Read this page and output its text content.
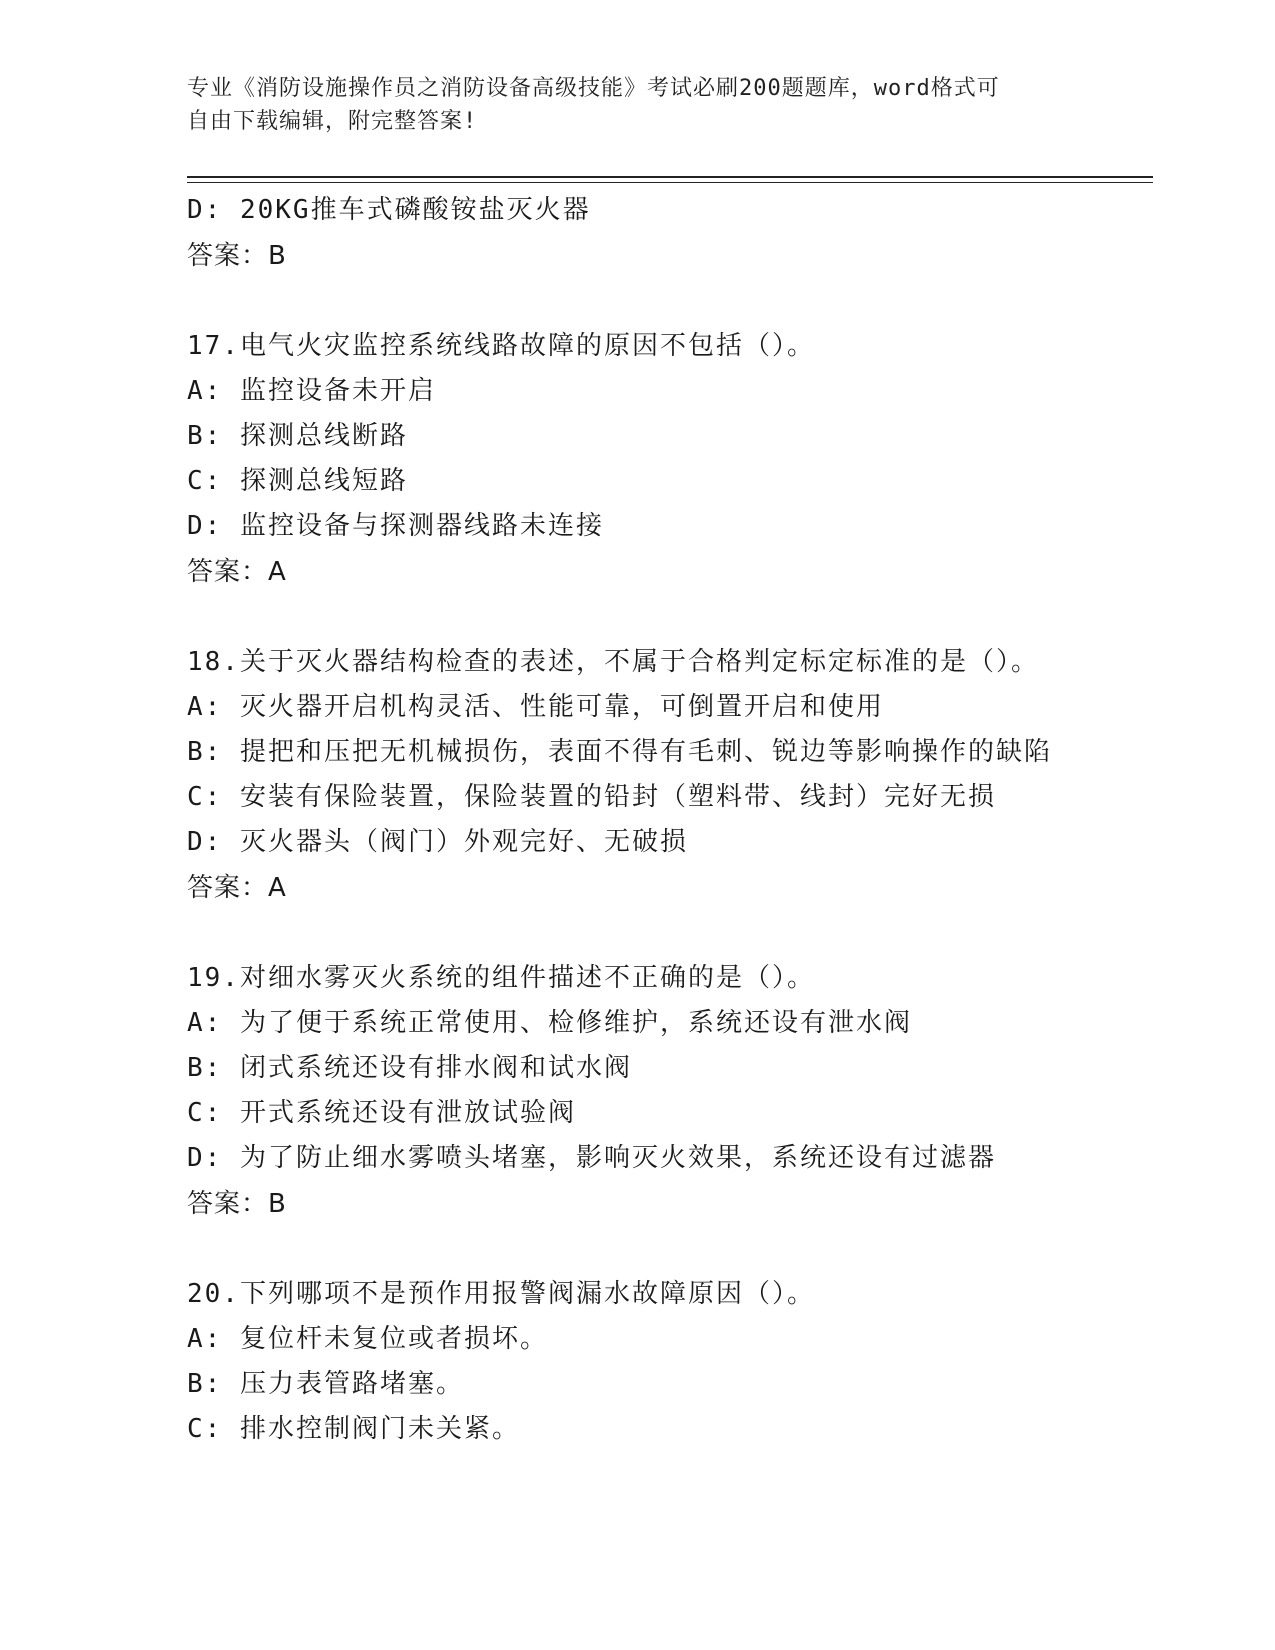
专业《消防设施操作员之消防设备高级技能》考试必刷200题题库，word格式可
自由下载编辑，附完整答案!
D: 20KG推车式磷酸铵盐灭火器
答案：B
17.电气火灾监控系统线路故障的原因不包括（）。
A: 监控设备未开启
B: 探测总线断路
C: 探测总线短路
D: 监控设备与探测器线路未连接
答案：A
18.关于灭火器结构检查的表述，不属于合格判定标定标准的是（）。
A: 灭火器开启机构灵活、性能可靠，可倒置开启和使用
B: 提把和压把无机械损伤，表面不得有毛刺、锐边等影响操作的缺陷
C: 安装有保险装置，保险装置的铅封（塑料带、线封）完好无损
D: 灭火器头（阀门）外观完好、无破损
答案：A
19.对细水雾灭火系统的组件描述不正确的是（）。
A: 为了便于系统正常使用、检修维护，系统还设有泄水阀
B: 闭式系统还设有排水阀和试水阀
C: 开式系统还设有泄放试验阀
D: 为了防止细水雾喷头堵塞，影响灭火效果，系统还设有过滤器
答案：B
20.下列哪项不是预作用报警阀漏水故障原因（）。
A: 复位杆未复位或者损坏。
B: 压力表管路堵塞。
C: 排水控制阀门未关紧。
